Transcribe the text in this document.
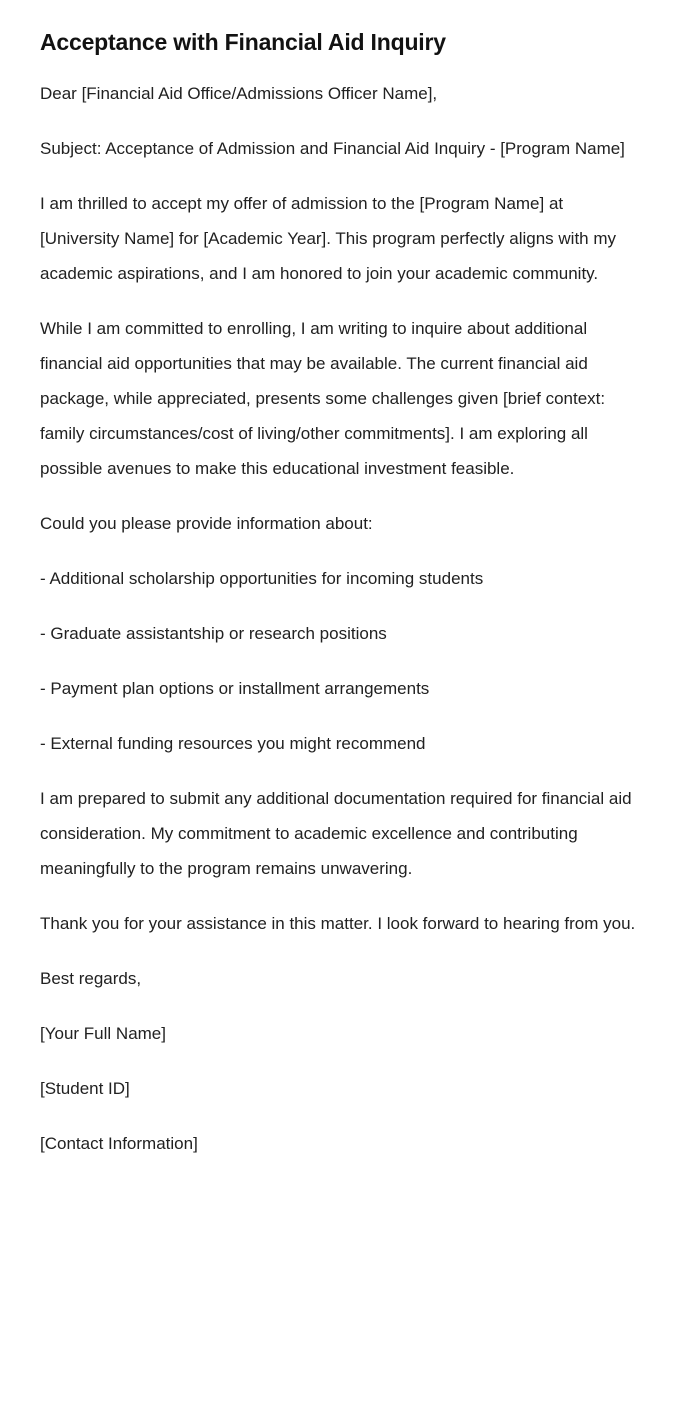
Acceptance with Financial Aid Inquiry

Dear [Financial Aid Office/Admissions Officer Name],

Subject: Acceptance of Admission and Financial Aid Inquiry - [Program Name]

I am thrilled to accept my offer of admission to the [Program Name] at [University Name] for [Academic Year]. This program perfectly aligns with my academic aspirations, and I am honored to join your academic community.

While I am committed to enrolling, I am writing to inquire about additional financial aid opportunities that may be available. The current financial aid package, while appreciated, presents some challenges given [brief context: family circumstances/cost of living/other commitments]. I am exploring all possible avenues to make this educational investment feasible.

Could you please provide information about:

- Additional scholarship opportunities for incoming students

- Graduate assistantship or research positions

- Payment plan options or installment arrangements

- External funding resources you might recommend

I am prepared to submit any additional documentation required for financial aid consideration. My commitment to academic excellence and contributing meaningfully to the program remains unwavering.

Thank you for your assistance in this matter. I look forward to hearing from you.

Best regards,

[Your Full Name]

[Student ID]

[Contact Information]
